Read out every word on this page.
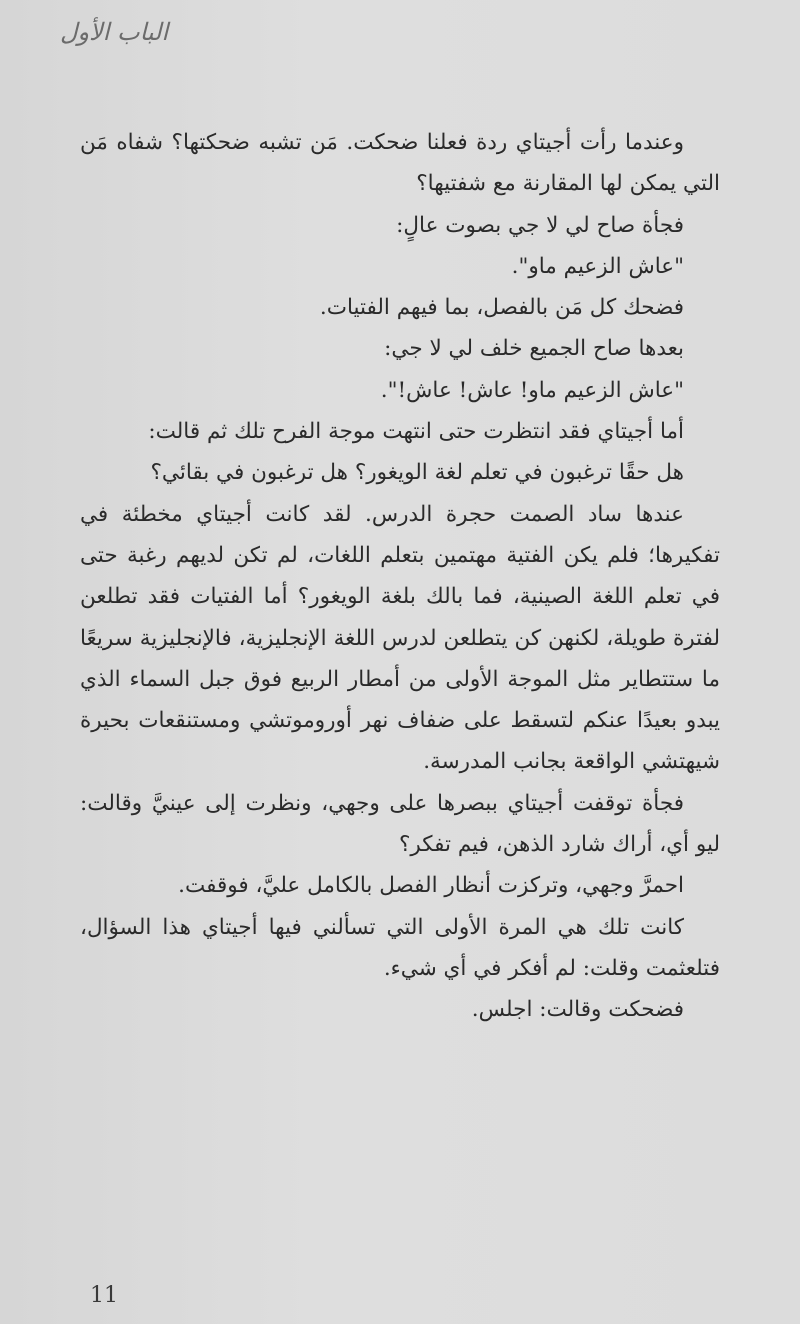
الباب الأول

وعندما رأت أجيتاي ردة فعلنا ضحكت. مَن تشبه ضحكتها؟ شفاه مَن التي يمكن لها المقارنة مع شفتيها؟

فجأة صاح لي لا جي بصوت عالٍ:

"عاش الزعيم ماو".

فضحك كل مَن بالفصل، بما فيهم الفتيات.

بعدها صاح الجميع خلف لي لا جي:

"عاش الزعيم ماو! عاش! عاش!".

أما أجيتاي فقد انتظرت حتى انتهت موجة الفرح تلك ثم قالت:

هل حقًا ترغبون في تعلم لغة الويغور؟ هل ترغبون في بقائي؟

عندها ساد الصمت حجرة الدرس. لقد كانت أجيتاي مخطئة في تفكيرها؛ فلم يكن الفتية مهتمين بتعلم اللغات، لم تكن لديهم رغبة حتى في تعلم اللغة الصينية، فما بالك بلغة الويغور؟ أما الفتيات فقد تطلعن لفترة طويلة، لكنهن كن يتطلعن لدرس اللغة الإنجليزية، فالإنجليزية سريعًا ما ستتطاير مثل الموجة الأولى من أمطار الربيع فوق جبل السماء الذي يبدو بعيدًا عنكم لتسقط على ضفاف نهر أوروموتشي ومستنقعات بحيرة شيهتشي الواقعة بجانب المدرسة.

فجأة توقفت أجيتاي ببصرها على وجهي، ونظرت إلى عينيَّ وقالت: ليو أي، أراك شارد الذهن، فيم تفكر؟

احمرَّ وجهي، وتركزت أنظار الفصل بالكامل عليَّ، فوقفت.

كانت تلك هي المرة الأولى التي تسألني فيها أجيتاي هذا السؤال، فتلعثمت وقلت: لم أفكر في أي شيء.

فضحكت وقالت: اجلس.

11
